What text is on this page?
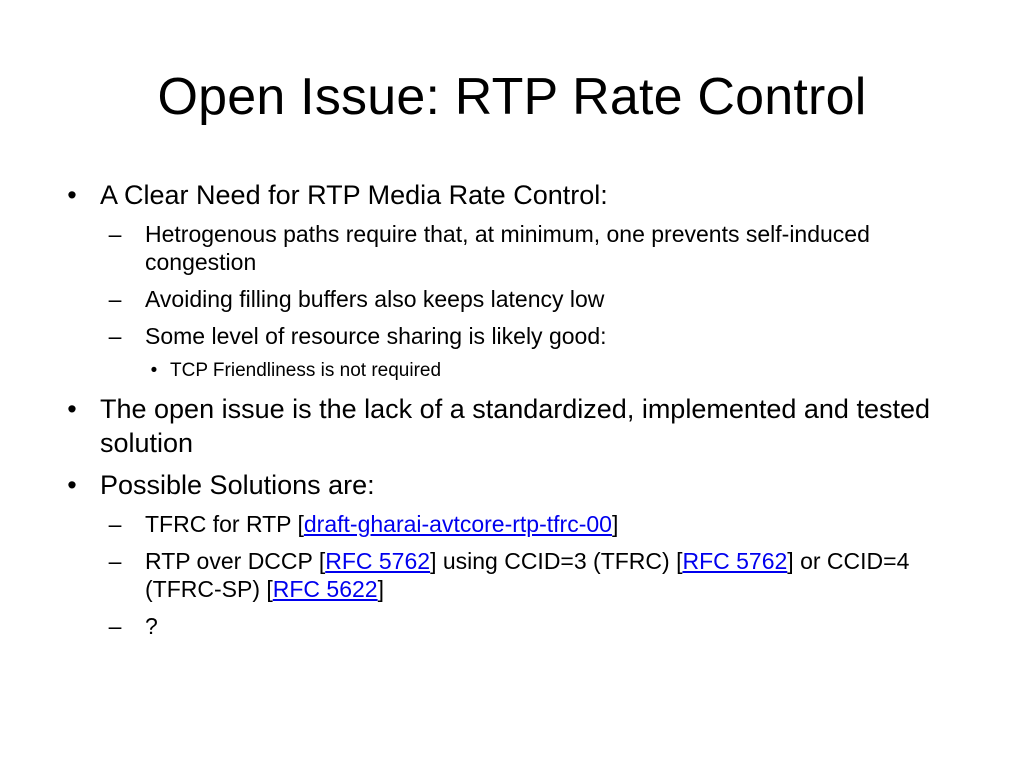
Open Issue: RTP Rate Control
• A Clear Need for RTP Media Rate Control:
–	Hetrogenous paths require that, at minimum, one prevents self-induced congestion
–	Avoiding filling buffers also keeps latency low
–	Some level of resource sharing is likely good:
• TCP Friendliness is not required
• The open issue is the lack of a standardized, implemented and tested solution
• Possible Solutions are:
–	TFRC for RTP [draft-gharai-avtcore-rtp-tfrc-00]
–	RTP over DCCP [RFC 5762] using CCID=3 (TFRC) [RFC 5762] or CCID=4 (TFRC-SP) [RFC 5622]
–	?
